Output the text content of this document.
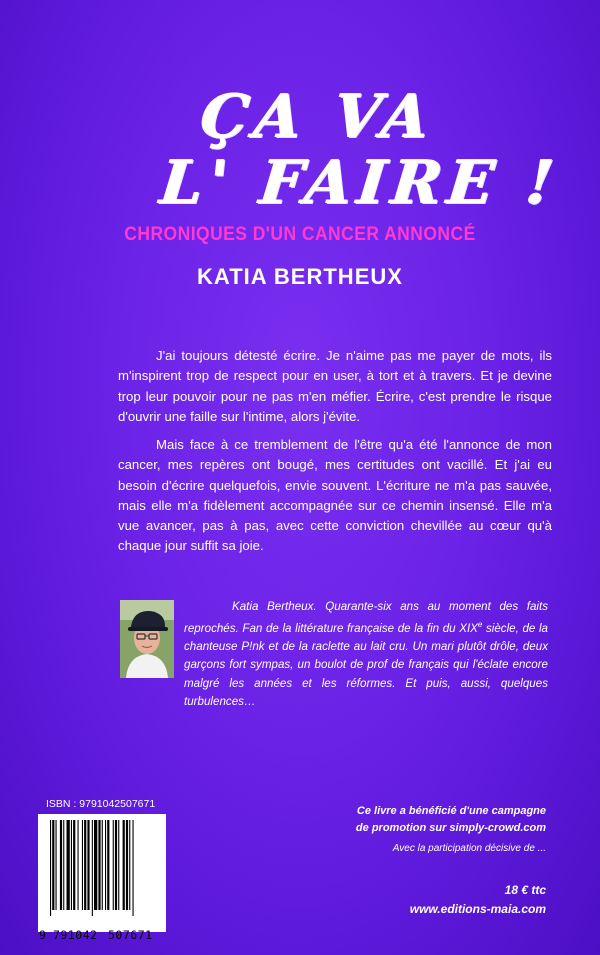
ÇA VA
L' FAIRE !
CHRONIQUES D'UN CANCER ANNONCÉ
KATIA BERTHEUX

J'ai toujours détesté écrire. Je n'aime pas me payer de mots, ils m'inspirent trop de respect pour en user, à tort et à travers. Et je devine trop leur pouvoir pour ne pas m'en méfier. Écrire, c'est prendre le risque d'ouvrir une faille sur l'intime, alors j'évite.

Mais face à ce tremblement de l'être qu'a été l'annonce de mon cancer, mes repères ont bougé, mes certitudes ont vacillé. Et j'ai eu besoin d'écrire quelquefois, envie souvent. L'écriture ne m'a pas sauvée, mais elle m'a fidèlement accompagnée sur ce chemin insensé. Elle m'a vue avancer, pas à pas, avec cette conviction chevillée au cœur qu'à chaque jour suffit sa joie.

Katia Bertheux. Quarante-six ans au moment des faits reprochés. Fan de la littérature française de la fin du XIXe siècle, de la chanteuse P!nk et de la raclette au lait cru. Un mari plutôt drôle, deux garçons fort sympas, un boulot de prof de français qui l'éclate encore malgré les années et les réformes. Et puis, aussi, quelques turbulences…

ISBN : 9791042507671
9 791042 507671
Ce livre a bénéficié d'une campagne
de promotion sur simply-crowd.com
Avec la participation décisive de ...
18 € ttc
www.editions-maia.com
